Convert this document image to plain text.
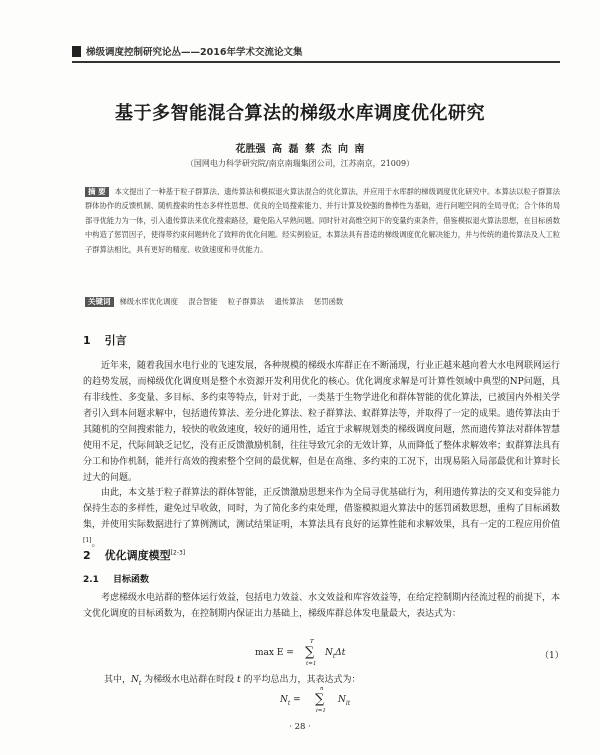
梯级调度控制研究论丛——2016年学术交流论文集
基于多智能混合算法的梯级水库调度优化研究
花胜强 高 磊 蔡 杰 向 南
（国网电力科学研究院/南京南瑞集团公司，江苏南京，21009）
摘 要 本文提出了一种基于粒子群算法、遗传算法和模拟退火算法混合的优化算法，并应用于水库群的梯级调度优化研究中。本算法以粒子群算法群体协作的反馈机制、随机搜索的性态多样性思想、优良的全局搜索能力、并行计算及较强的鲁棒性为基础，进行问题空间的全局寻优；合个体的局部寻优能力为一体，引入遗传算法来优化搜索路径，避免陷入早熟问题。同时针对高维空间下的变量约束条件，借鉴模拟退火算法思想，在目标函数中构造了惩罚因子，使得带约束问题转化了致粹的优化问题。经实例验证，本算法具有普适的梯级调度优化解决能力，并与传统的遗传算法及人工粒子群算法相比，具有更好的精度、收敛速度和寻优能力。
关键词 梯级水库优化调度 混合智能 粒子群算法 遗传算法 惩罚函数
1 引言
近年来，随着我国水电行业的飞速发展，各种规模的梯级水库群正在不断涌现，行业正越来越向着大水电网联网运行的趋势发展，而梯级优化调度则是整个水资源开发利用优化的核心。优化调度求解是可计算性领域中典型的NP问题，具有非线性、多变量、多目标、多约束等特点，针对于此，一类基于生物学进化和群体智能的优化算法，已被国内外相关学者引入到本问题求解中，包括遗传算法、差分进化算法、粒子群算法、蚁群算法等，并取得了一定的成果。遗传算法由于其随机的空间搜索能力，较快的收敛速度，较好的通用性，适宜于求解规划类的梯级调度问题，然而遗传算法对群体智慧使用不足，代际间缺乏记忆，没有正反馈激励机制，往往导致冗余的无效计算，从而降低了整体求解效率；蚁群算法具有分工和协作机制，能并行高效的搜索整个空间的最优解，但是在高维、多约束的工况下，出现易陷入局部最优和计算时长过大的问题。
由此，本文基于粒子群算法的群体智能，正反馈激励思想来作为全局寻优基础行为，利用遗传算法的交叉和变异能力保持生态的多样性，避免过早收敛，同时，为了简化多约束处理，借鉴模拟退火算法中的惩罚函数思想，重构了目标函数集，并使用实际数据进行了算例测试，测试结果证明，本算法具有良好的运算性能和求解效果，具有一定的工程应用价值[1]。
2 优化调度模型[2-3]
2.1 目标函数
考虑梯级水电站群的整体运行效益，包括电力效益、水文效益和库容效益等，在给定控制期内径流过程的前提下，本文优化调度的目标函数为，在控制期内保证出力基础上，梯级库群总体发电量最大，表达式为：
max E =
T
∑
t=1
$N_t\Delta t$	（1）
其中，$N_t$ 为梯级水电站群在时段 t 的平均总出力，其表达式为：
$N_t$ =
n
∑
i=1
$N_{it}$
· 28 ·
